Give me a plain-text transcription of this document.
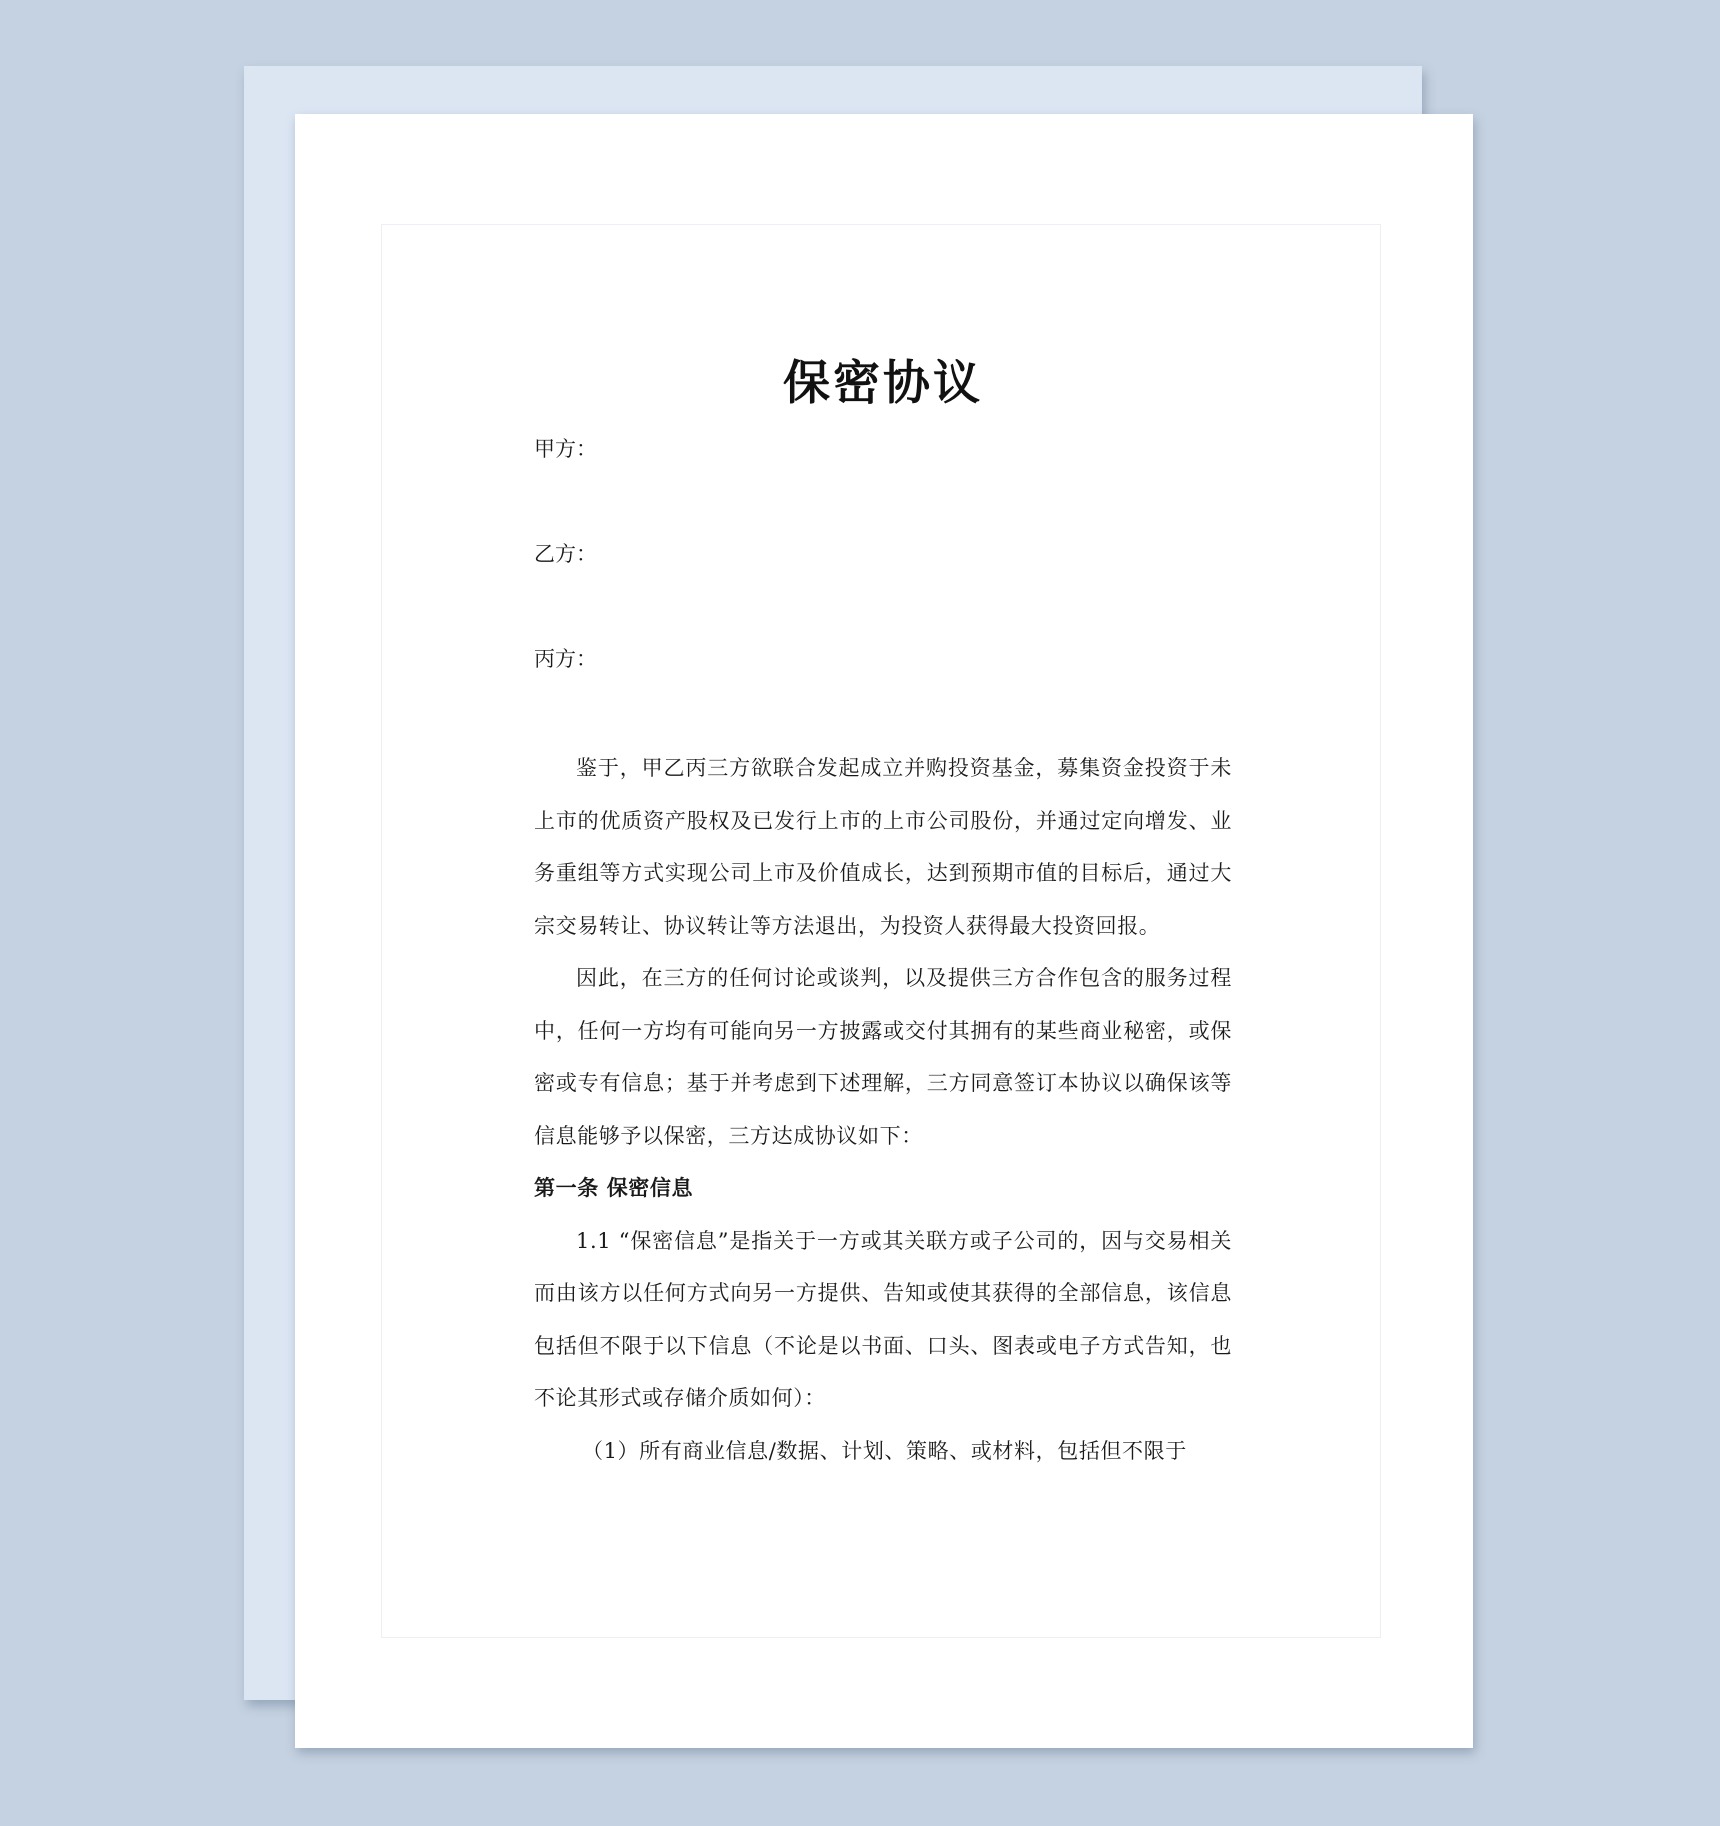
保密协议
甲方：
乙方：
丙方：

鉴于，甲乙丙三方欲联合发起成立并购投资基金，募集资金投资于未上市的优质资产股权及已发行上市的上市公司股份，并通过定向增发、业务重组等方式实现公司上市及价值成长，达到预期市值的目标后，通过大宗交易转让、协议转让等方法退出，为投资人获得最大投资回报。

因此，在三方的任何讨论或谈判，以及提供三方合作包含的服务过程中，任何一方均有可能向另一方披露或交付其拥有的某些商业秘密，或保密或专有信息；基于并考虑到下述理解，三方同意签订本协议以确保该等信息能够予以保密，三方达成协议如下：

第一条 保密信息

1.1 “保密信息”是指关于一方或其关联方或子公司的，因与交易相关而由该方以任何方式向另一方提供、告知或使其获得的全部信息，该信息包括但不限于以下信息（不论是以书面、口头、图表或电子方式告知，也不论其形式或存储介质如何）：

（1）所有商业信息/数据、计划、策略、或材料，包括但不限于
